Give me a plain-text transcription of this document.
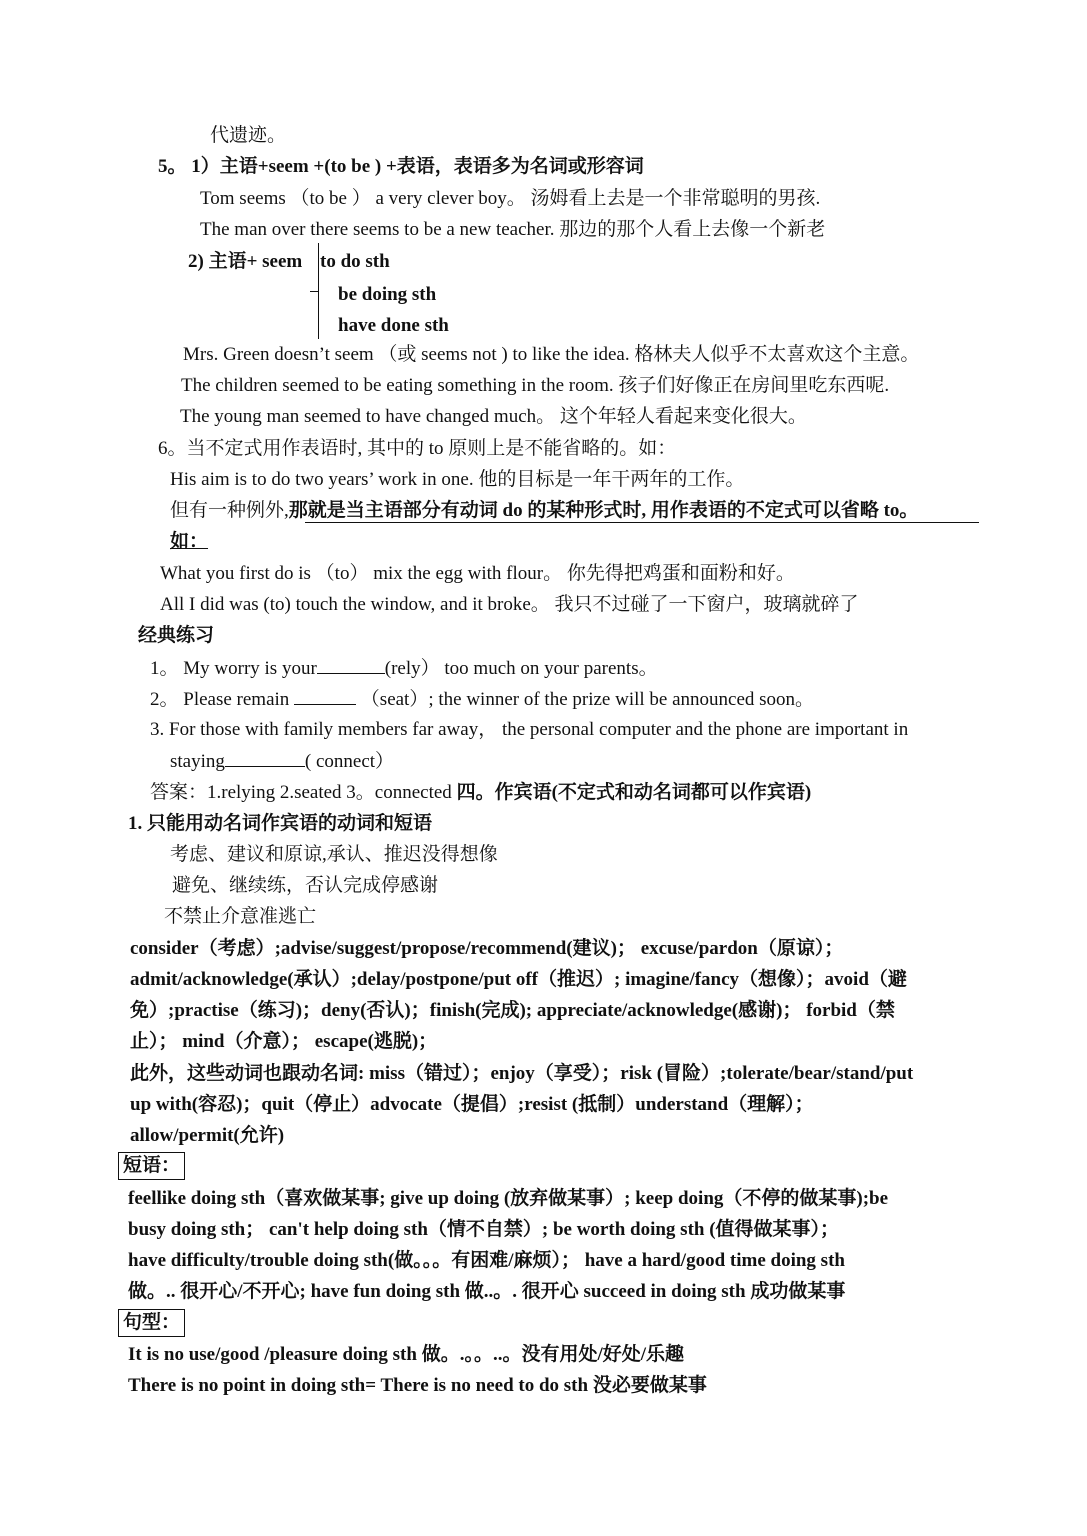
代遗迹。
5。 1）主语+seem +(to be ) +表语，表语多为名词或形容词
Tom seems （to be ） a very clever boy。 汤姆看上去是一个非常聪明的男孩.
The man over there seems to be a new teacher. 那边的那个人看上去像一个新老
2) 主语+ seem to do sth
be doing sth
have done sth
Mrs. Green doesn’t seem （或 seems not ) to like the idea. 格林夫人似乎不太喜欢这个主意。
The children seemed to be eating something in the room. 孩子们好像正在房间里吃东西呢.
The young man seemed to have changed much。 这个年轻人看起来变化很大。
6。当不定式用作表语时, 其中的 to 原则上是不能省略的。如：
His aim is to do two years’ work in one. 他的目标是一年干两年的工作。
但有一种例外,那就是当主语部分有动词 do 的某种形式时, 用作表语的不定式可以省略 to。
如：
What you first do is （to） mix the egg with flour。 你先得把鸡蛋和面粉和好。
All I did was (to) touch the window, and it broke。 我只不过碰了一下窗户，玻璃就碎了
经典练习
1。 My worry is your	(rely） too much on your parents。
2。 Please remain	（seat）; the winner of the prize will be announced soon。
3. For those with family members far away， the personal computer and the phone are important in
staying	( connect）
答案：1.relying 2.seated 3。connected 四。作宾语(不定式和动名词都可以作宾语)
1. 只能用动名词作宾语的动词和短语
考虑、建议和原谅,承认、推迟没得想像
避免、继续练，否认完成停感谢
不禁止介意准逃亡
consider（考虑）;advise/suggest/propose/recommend(建议)； excuse/pardon（原谅）；
admit/acknowledge(承认）;delay/postpone/put off（推迟）; imagine/fancy（想像）；avoid（避
免）;practise（练习)；deny(否认)；finish(完成); appreciate/acknowledge(感谢)； forbid（禁
止）； mind（介意）； escape(逃脱)；
此外，这些动词也跟动名词: miss（错过）；enjoy（享受）；risk (冒险）;tolerate/bear/stand/put
up with(容忍)；quit（停止）advocate（提倡）;resist (抵制）understand（理解）；
allow/permit(允许)
短语：
feellike doing sth（喜欢做某事; give up doing (放弃做某事）; keep doing（不停的做某事);be
busy doing sth； can't help doing sth（情不自禁）; be worth doing sth (值得做某事）；
have difficulty/trouble doing sth(做。。。有困难/麻烦）； have a hard/good time doing sth
做。.. 很开心/不开心; have fun doing sth 做..。. 很开心 succeed in doing sth 成功做某事
句型：
It is no use/good /pleasure doing sth 做。.。。..。没有用处/好处/乐趣
There is no point in doing sth= There is no need to do sth 没必要做某事
